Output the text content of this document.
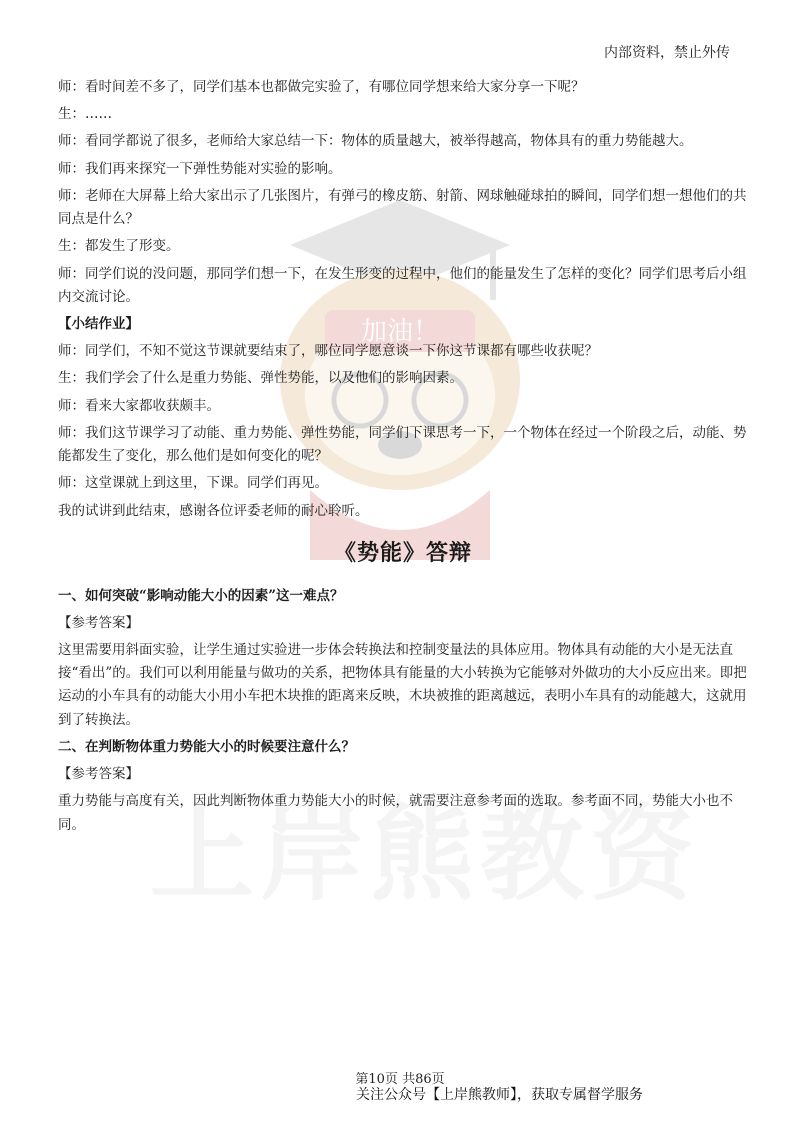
加油！
内部资料，禁止外传

师：看时间差不多了，同学们基本也都做完实验了，有哪位同学想来给大家分享一下呢？

生：……

师：看同学都说了很多，老师给大家总结一下：物体的质量越大，被举得越高，物体具有的重力势能越大。

师：我们再来探究一下弹性势能对实验的影响。

师：老师在大屏幕上给大家出示了几张图片，有弹弓的橡皮筋、射箭、网球触碰球拍的瞬间，同学们想一想他们的共同点是什么？

生：都发生了形变。

师：同学们说的没问题，那同学们想一下，在发生形变的过程中，他们的能量发生了怎样的变化？同学们思考后小组内交流讨论。

【小结作业】

师：同学们，不知不觉这节课就要结束了，哪位同学愿意谈一下你这节课都有哪些收获呢？

生：我们学会了什么是重力势能、弹性势能，以及他们的影响因素。

师：看来大家都收获颇丰。

师：我们这节课学习了动能、重力势能、弹性势能，同学们下课思考一下，一个物体在经过一个阶段之后，动能、势能都发生了变化，那么他们是如何变化的呢？

师：这堂课就上到这里，下课。同学们再见。

我的试讲到此结束，感谢各位评委老师的耐心聆听。

《势能》答辩

一、如何突破“影响动能大小的因素”这一难点？

【参考答案】

这里需要用斜面实验，让学生通过实验进一步体会转换法和控制变量法的具体应用。物体具有动能的大小是无法直接“看出”的。我们可以利用能量与做功的关系，把物体具有能量的大小转换为它能够对外做功的大小反应出来。即把运动的小车具有的动能大小用小车把木块推的距离来反映，木块被推的距离越远，表明小车具有的动能越大，这就用到了转换法。

二、在判断物体重力势能大小的时候要注意什么？

【参考答案】

重力势能与高度有关，因此判断物体重力势能大小的时候，就需要注意参考面的选取。参考面不同，势能大小也不同。

第10页 共86页
关注公众号【上岸熊教师】，获取专属督学服务
